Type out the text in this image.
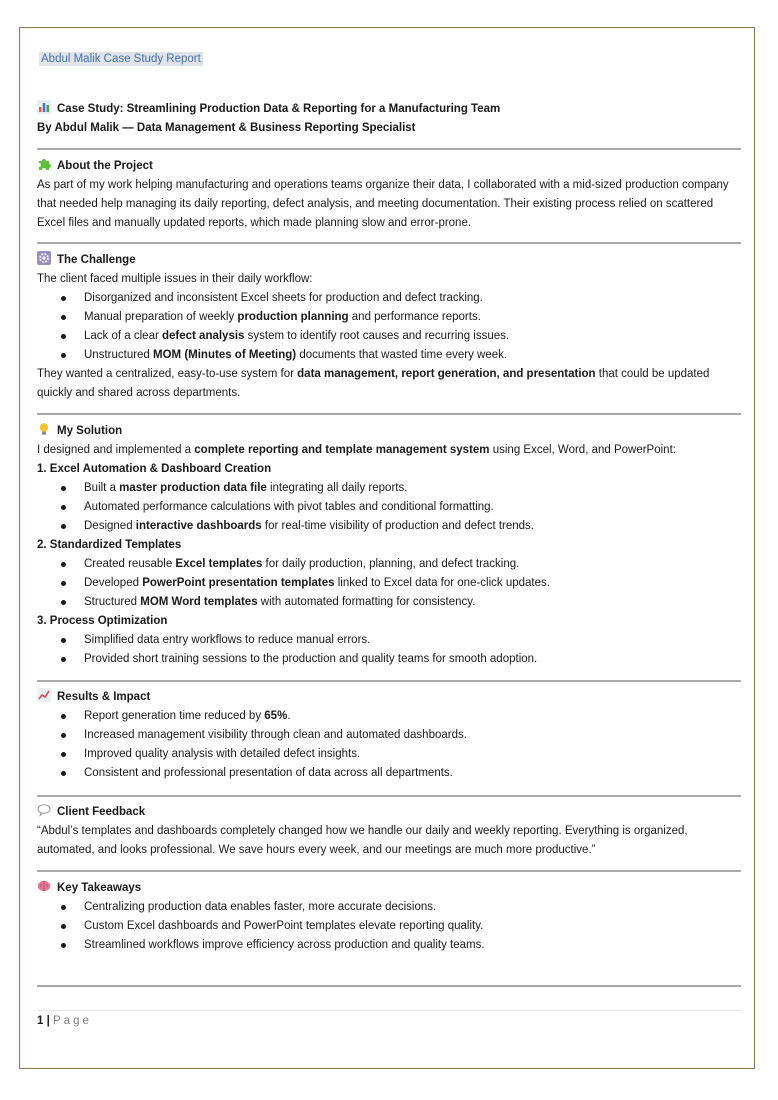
Abdul Malik Case Study Report
Case Study: Streamlining Production Data & Reporting for a Manufacturing Team
By Abdul Malik — Data Management & Business Reporting Specialist
About the Project
As part of my work helping manufacturing and operations teams organize their data, I collaborated with a mid-sized production company that needed help managing its daily reporting, defect analysis, and meeting documentation. Their existing process relied on scattered Excel files and manually updated reports, which made planning slow and error-prone.
The Challenge
The client faced multiple issues in their daily workflow:
Disorganized and inconsistent Excel sheets for production and defect tracking.
Manual preparation of weekly production planning and performance reports.
Lack of a clear defect analysis system to identify root causes and recurring issues.
Unstructured MOM (Minutes of Meeting) documents that wasted time every week.
They wanted a centralized, easy-to-use system for data management, report generation, and presentation that could be updated quickly and shared across departments.
My Solution
I designed and implemented a complete reporting and template management system using Excel, Word, and PowerPoint:
1. Excel Automation & Dashboard Creation
Built a master production data file integrating all daily reports.
Automated performance calculations with pivot tables and conditional formatting.
Designed interactive dashboards for real-time visibility of production and defect trends.
2. Standardized Templates
Created reusable Excel templates for daily production, planning, and defect tracking.
Developed PowerPoint presentation templates linked to Excel data for one-click updates.
Structured MOM Word templates with automated formatting for consistency.
3. Process Optimization
Simplified data entry workflows to reduce manual errors.
Provided short training sessions to the production and quality teams for smooth adoption.
Results & Impact
Report generation time reduced by 65%.
Increased management visibility through clean and automated dashboards.
Improved quality analysis with detailed defect insights.
Consistent and professional presentation of data across all departments.
Client Feedback
“Abdul’s templates and dashboards completely changed how we handle our daily and weekly reporting. Everything is organized, automated, and looks professional. We save hours every week, and our meetings are much more productive.”
Key Takeaways
Centralizing production data enables faster, more accurate decisions.
Custom Excel dashboards and PowerPoint templates elevate reporting quality.
Streamlined workflows improve efficiency across production and quality teams.
1 | Page
